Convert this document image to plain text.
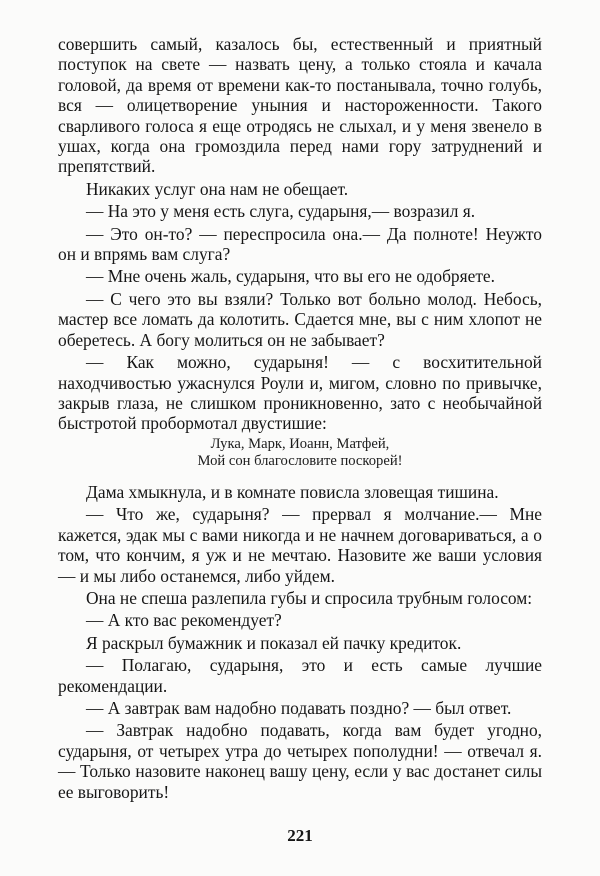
совершить самый, казалось бы, естественный и приятный поступок на свете — назвать цену, а только стояла и качала головой, да время от времени как-то постанывала, точно голубь, вся — олицетворение уныния и настороженности. Такого сварливого голоса я еще отродясь не слыхал, и у меня звенело в ушах, когда она громоздила перед нами гору затруднений и препятствий.

Никаких услуг она нам не обещает.

— На это у меня есть слуга, сударыня,— возразил я.

— Это он-то? — переспросила она.— Да полноте! Неужто он и впрямь вам слуга?

— Мне очень жаль, сударыня, что вы его не одобряете.

— С чего это вы взяли? Только вот больно молод. Небось, мастер все ломать да колотить. Сдается мне, вы с ним хлопот не оберетесь. А богу молиться он не забывает?

— Как можно, сударыня! — с восхитительной находчивостью ужаснулся Роули и, мигом, словно по привычке, закрыв глаза, не слишком проникновенно, зато с необычайной быстротой пробормотал двустишие:

Лука, Марк, Иоанн, Матфей,
Мой сон благословите поскорей!

Дама хмыкнула, и в комнате повисла зловещая тишина.

— Что же, сударыня? — прервал я молчание.— Мне кажется, эдак мы с вами никогда и не начнем договариваться, а о том, что кончим, я уж и не мечтаю. Назовите же ваши условия — и мы либо останемся, либо уйдем.

Она не спеша разлепила губы и спросила трубным голосом:

— А кто вас рекомендует?

Я раскрыл бумажник и показал ей пачку кредиток.

— Полагаю, сударыня, это и есть самые лучшие рекомендации.

— А завтрак вам надобно подавать поздно? — был ответ.

— Завтрак надобно подавать, когда вам будет угодно, сударыня, от четырех утра до четырех пополудни! — отвечал я.— Только назовите наконец вашу цену, если у вас достанет силы ее выговорить!

221
